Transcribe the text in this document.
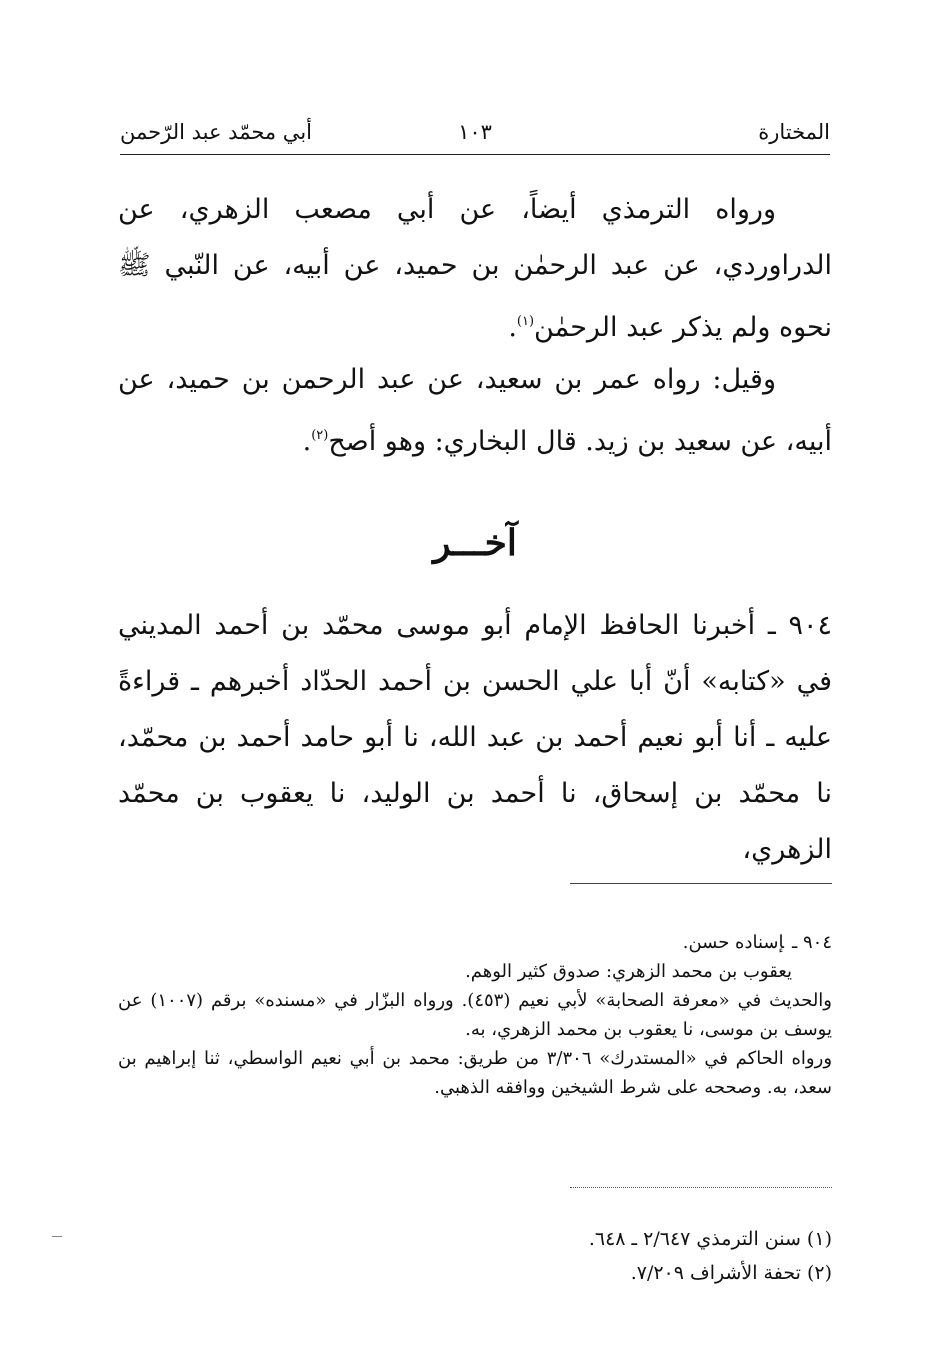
المختارة
١٠٣
أبي محمّد عبد الرّحمن

ورواه الترمذي أيضاً، عن أبي مصعب الزهري، عن الدراوردي، عن عبد الرحمٰن بن حميد، عن أبيه، عن النّبي ﷺ نحوه ولم يذكر عبد الرحمٰن$^{(١)}$.

وقيل: رواه عمر بن سعيد، عن عبد الرحمن بن حميد، عن أبيه، عن سعيد بن زيد. قال البخاري: وهو أصح$^{(٢)}$.

آخـــر

٩٠٤ ـ أخبرنا الحافظ الإمام أبو موسى محمّد بن أحمد المديني في «كتابه» أنّ أبا علي الحسن بن أحمد الحدّاد أخبرهم ـ قراءةً عليه ـ أنا أبو نعيم أحمد بن عبد الله، نا أبو حامد أحمد بن محمّد، نا محمّد بن إسحاق، نا أحمد بن الوليد، نا يعقوب بن محمّد الزهري،

٩٠٤ ـإسناده حسن.
يعقوب بن محمد الزهري: صدوق كثير الوهم.
والحديث في «معرفة الصحابة» لأبي نعيم (٤٥٣). ورواه البزّار في «مسنده» برقم (١٠٠٧) عن يوسف بن موسى، نا يعقوب بن محمد الزهري، به.
ورواه الحاكم في «المستدرك» ٣/٣٠٦ من طريق: محمد بن أبي نعيم الواسطي، ثنا إبراهيم بن سعد، به. وصححه على شرط الشيخين ووافقه الذهبي.
(١) سنن الترمذي ٢/٦٤٧ ـ ٦٤٨.
(٢) تحفة الأشراف ٧/٢٠٩.
